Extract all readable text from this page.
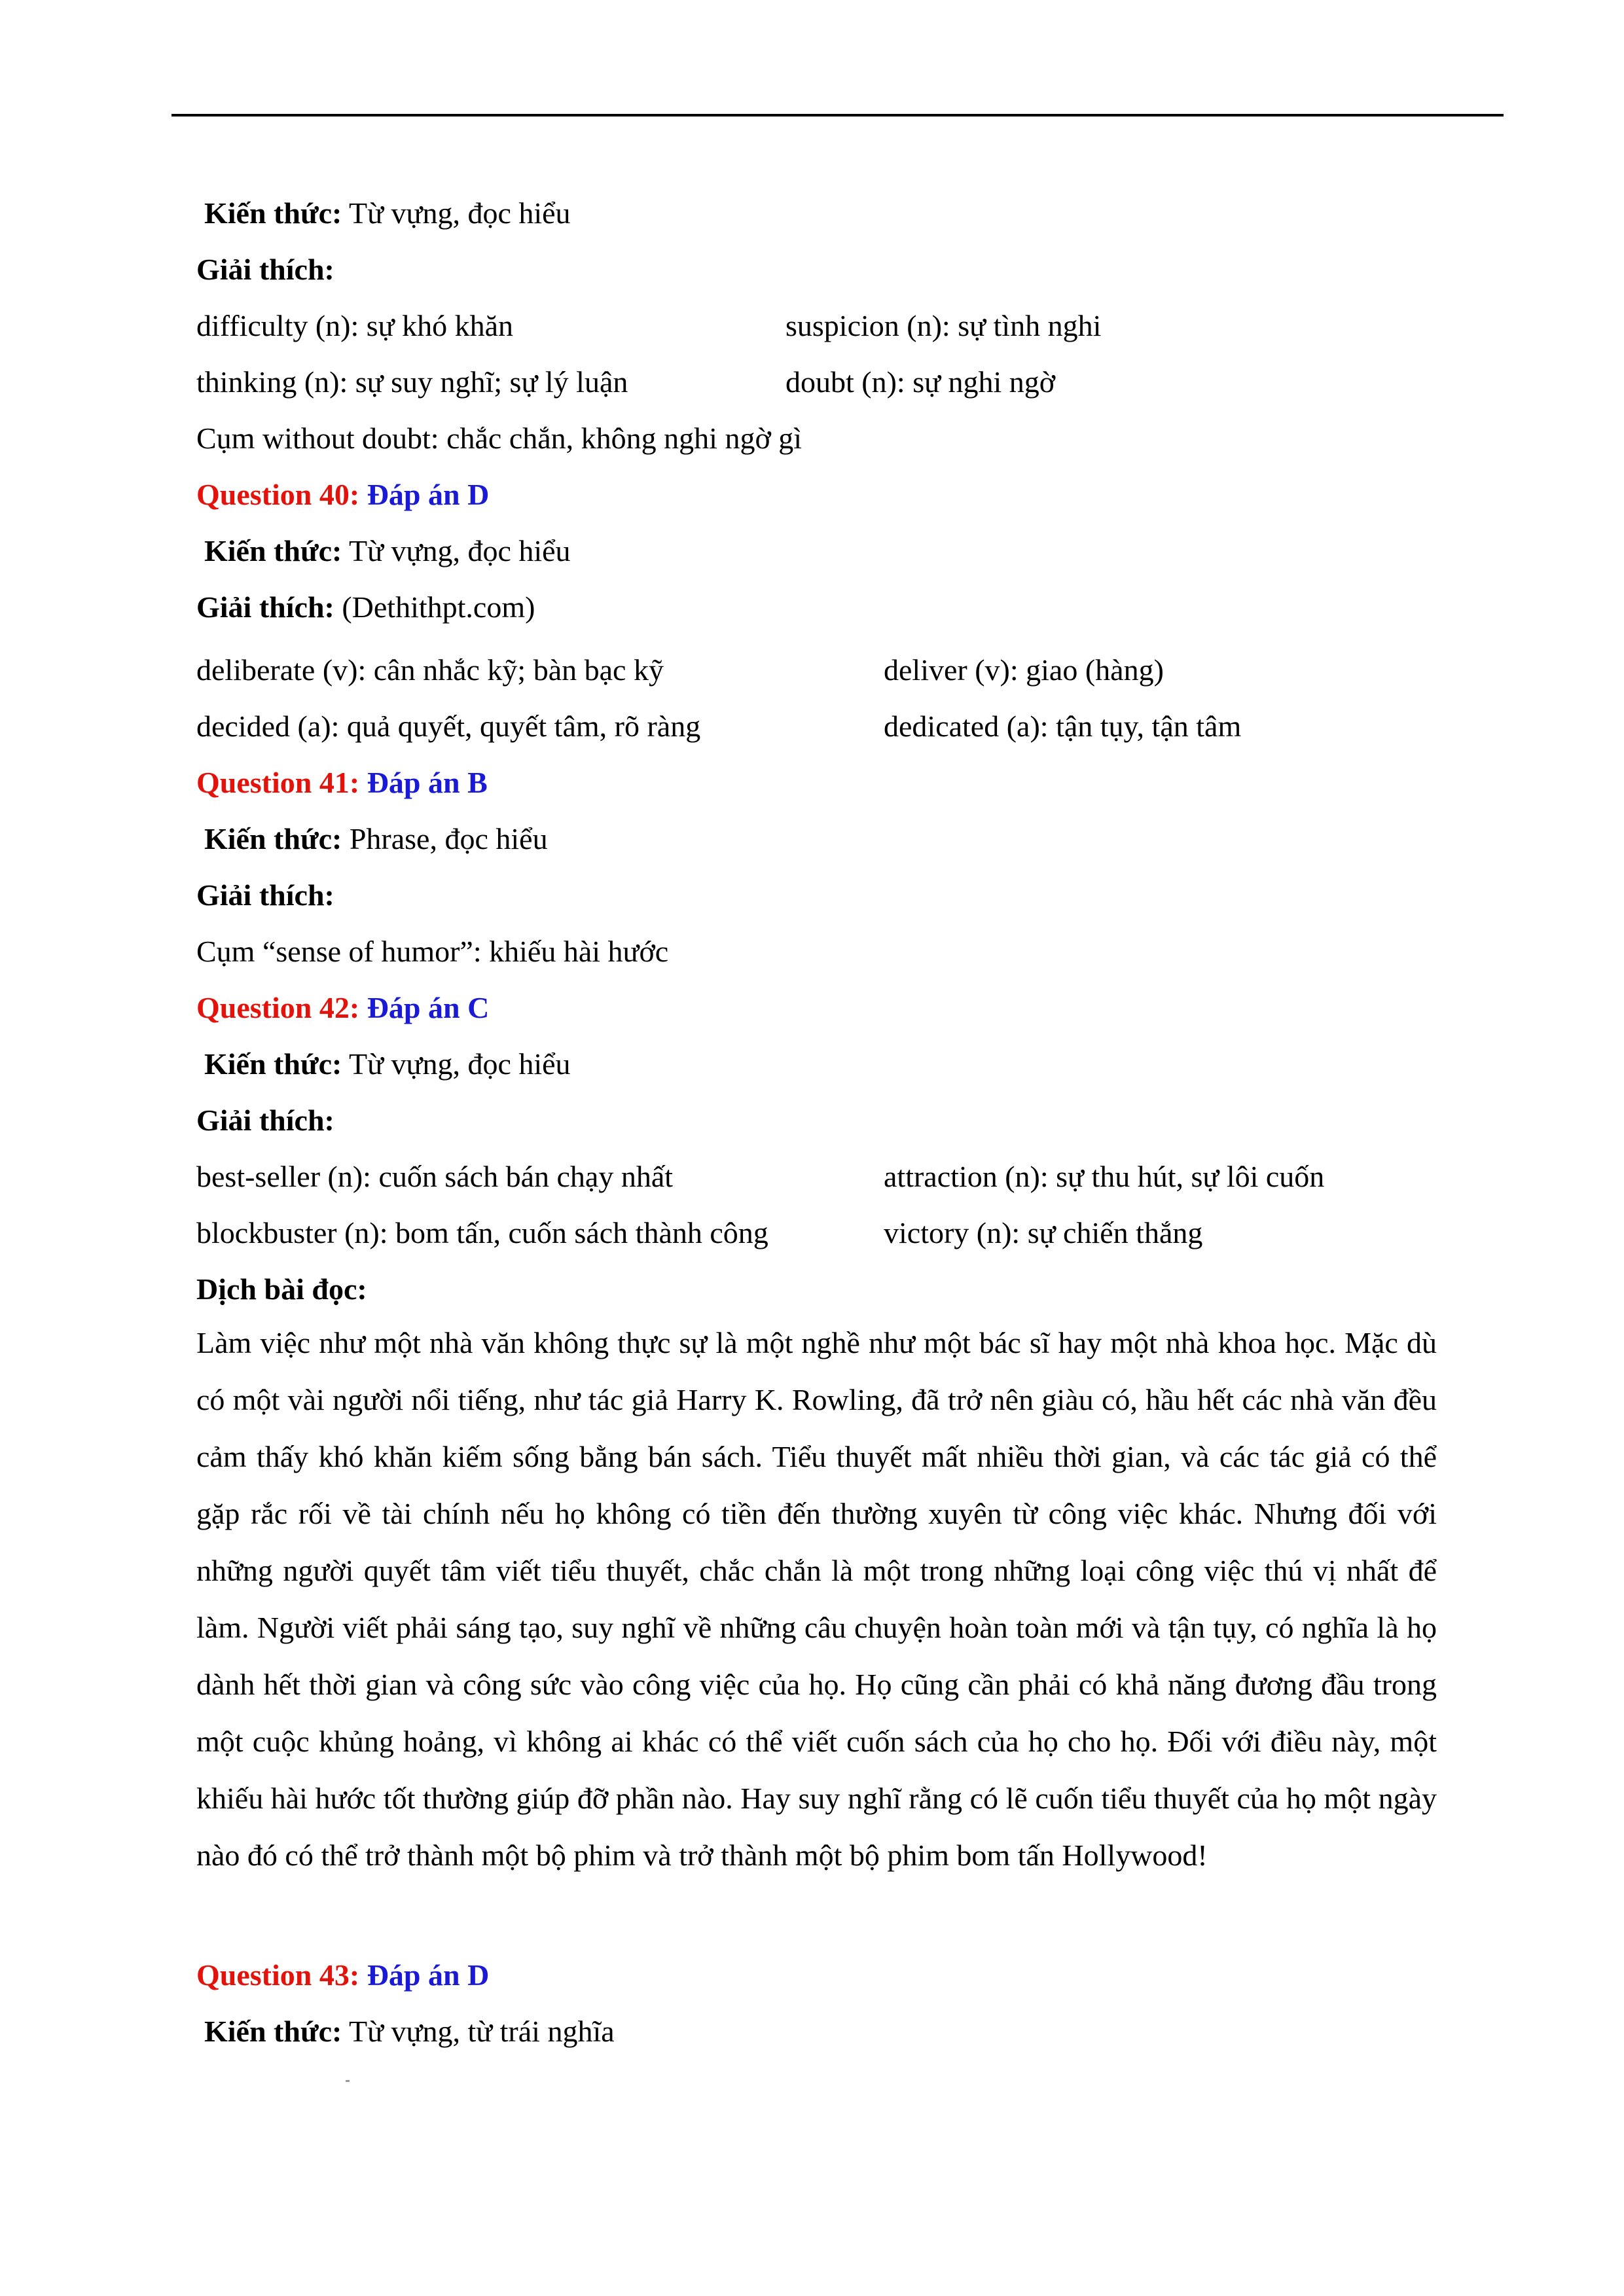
Kiến thức: Từ vựng, đọc hiểu
Giải thích:
difficulty (n): sự khó khăn	suspicion (n): sự tình nghi
thinking (n): sự suy nghĩ; sự lý luận	doubt (n): sự nghi ngờ
Cụm without doubt: chắc chắn, không nghi ngờ gì
Question 40: Đáp án D
Kiến thức: Từ vựng, đọc hiểu
Giải thích: (Dethithpt.com)
deliberate (v): cân nhắc kỹ; bàn bạc kỹ	deliver (v): giao (hàng)
decided (a): quả quyết, quyết tâm, rõ ràng	dedicated (a): tận tụy, tận tâm
Question 41: Đáp án B
Kiến thức: Phrase, đọc hiểu
Giải thích:
Cụm “sense of humor”: khiếu hài hước
Question 42: Đáp án C
Kiến thức: Từ vựng, đọc hiểu
Giải thích:
best-seller (n): cuốn sách bán chạy nhất	attraction (n): sự thu hút, sự lôi cuốn
blockbuster (n): bom tấn, cuốn sách thành công	victory (n): sự chiến thắng
Dịch bài đọc:
Làm việc như một nhà văn không thực sự là một nghề như một bác sĩ hay một nhà khoa học. Mặc dù có một vài người nổi tiếng, như tác giả Harry K. Rowling, đã trở nên giàu có, hầu hết các nhà văn đều cảm thấy khó khăn kiếm sống bằng bán sách. Tiểu thuyết mất nhiều thời gian, và các tác giả có thể gặp rắc rối về tài chính nếu họ không có tiền đến thường xuyên từ công việc khác. Nhưng đối với những người quyết tâm viết tiểu thuyết, chắc chắn là một trong những loại công việc thú vị nhất để làm. Người viết phải sáng tạo, suy nghĩ về những câu chuyện hoàn toàn mới và tận tụy, có nghĩa là họ dành hết thời gian và công sức vào công việc của họ. Họ cũng cần phải có khả năng đương đầu trong một cuộc khủng hoảng, vì không ai khác có thể viết cuốn sách của họ cho họ. Đối với điều này, một khiếu hài hước tốt thường giúp đỡ phần nào. Hay suy nghĩ rằng có lẽ cuốn tiểu thuyết của họ một ngày nào đó có thể trở thành một bộ phim và trở thành một bộ phim bom tấn Hollywood!
Question 43: Đáp án D
Kiến thức: Từ vựng, từ trái nghĩa
